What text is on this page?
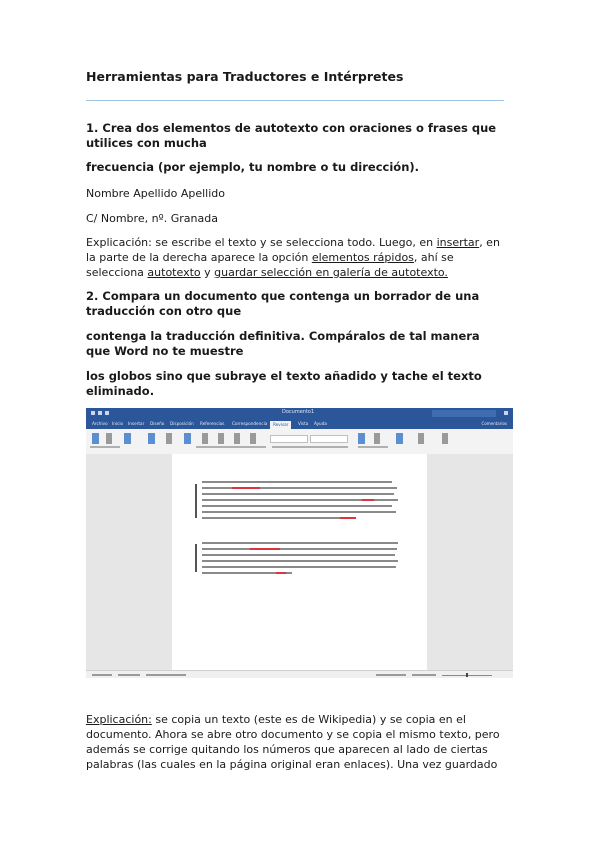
Herramientas para Traductores e Intérpretes
1. Crea dos elementos de autotexto con oraciones o frases que utilices con mucha
frecuencia (por ejemplo, tu nombre o tu dirección).
Nombre Apellido Apellido
C/ Nombre, nº. Granada
Explicación: se escribe el texto y se selecciona todo. Luego, en insertar, en la parte de la derecha aparece la opción elementos rápidos, ahí se selecciona autotexto y guardar selección en galería de autotexto.
2. Compara un documento que contenga un borrador de una traducción con otro que
contenga la traducción definitiva. Compáralos de tal manera que Word no te muestre
los globos sino que subraye el texto añadido y tache el texto eliminado.
Documento1
Archivo Inicio Insertar Diseño Disposición Referencias Correspondencia	Revisar	Vista Ayuda	Comentarios
Explicación: se copia un texto (este es de Wikipedia) y se copia en el documento. Ahora se abre otro documento y se copia el mismo texto, pero además se corrige quitando los números que aparecen al lado de ciertas palabras (las cuales en la página original eran enlaces). Una vez guardado
